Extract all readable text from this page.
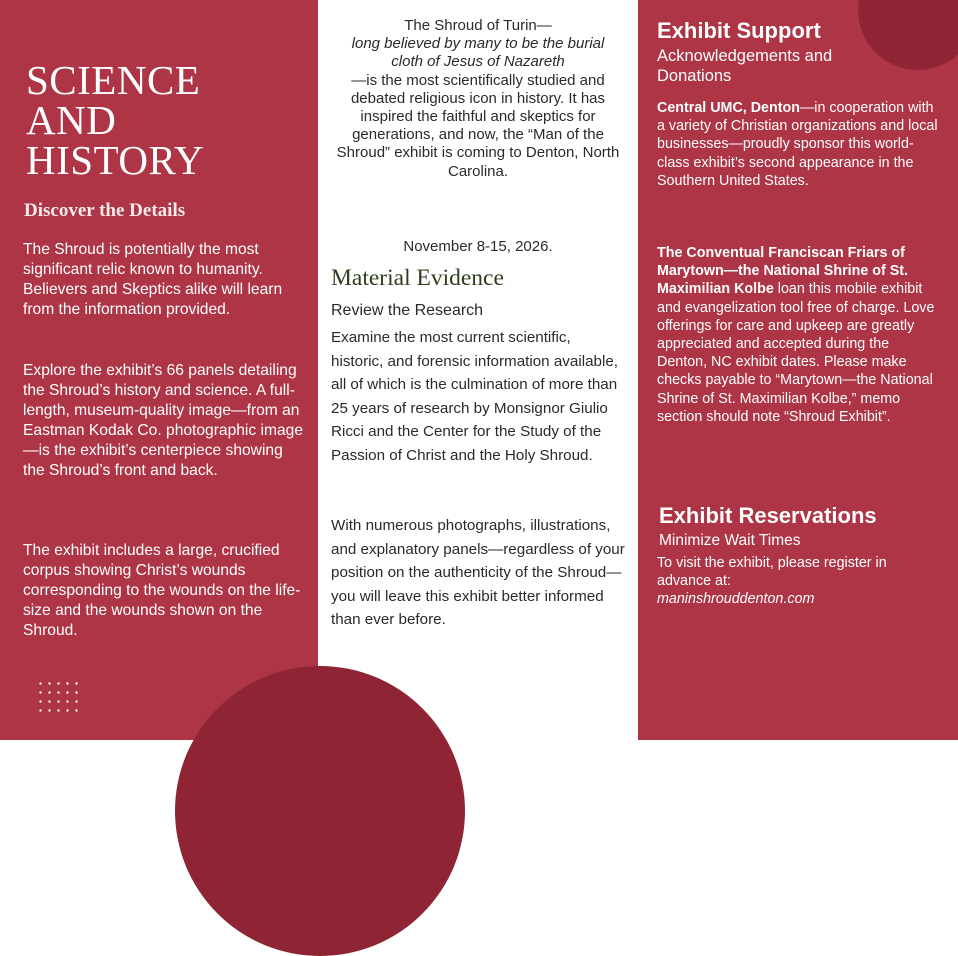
SCIENCE
AND
HISTORY
Discover the Details

The Shroud is potentially the most significant relic known to humanity. Believers and Skeptics alike will learn from the information provided.

Explore the exhibit’s 66 panels detailing the Shroud’s history and science. A full-length, museum-quality image—from an Eastman Kodak Co. photographic image—is the exhibit’s centerpiece showing the Shroud’s front and back.

The exhibit includes a large, crucified corpus showing Christ’s wounds corresponding to the wounds on the life-size and the wounds shown on the Shroud.

The Shroud of Turin—
long believed by many to be the burial cloth of Jesus of Nazareth
—is the most scientifically studied and debated religious icon in history. It has inspired the faithful and skeptics for generations, and now, the “Man of the Shroud” exhibit is coming to Denton, North Carolina.
November 8-15, 2026.
Material Evidence
Review the Research

Examine the most current scientific, historic, and forensic information available, all of which is the culmination of more than 25 years of research by Monsignor Giulio Ricci and the Center for the Study of the Passion of Christ and the Holy Shroud.

With numerous photographs, illustrations, and explanatory panels—regardless of your position on the authenticity of the Shroud—you will leave this exhibit better informed than ever before.

Exhibit Support
Acknowledgements and Donations

Central UMC, Denton—in cooperation with a variety of Christian organizations and local businesses—proudly sponsor this world-class exhibit’s second appearance in the Southern United States.

The Conventual Franciscan Friars of Marytown—the National Shrine of St. Maximilian Kolbe loan this mobile exhibit and evangelization tool free of charge. Love offerings for care and upkeep are greatly appreciated and accepted during the Denton, NC exhibit dates. Please make checks payable to “Marytown—the National Shrine of St. Maximilian Kolbe,” memo section should note “Shroud Exhibit”.

Exhibit Reservations
Minimize Wait Times

To visit the exhibit, please register in advance at:
maninshrouddenton.com
